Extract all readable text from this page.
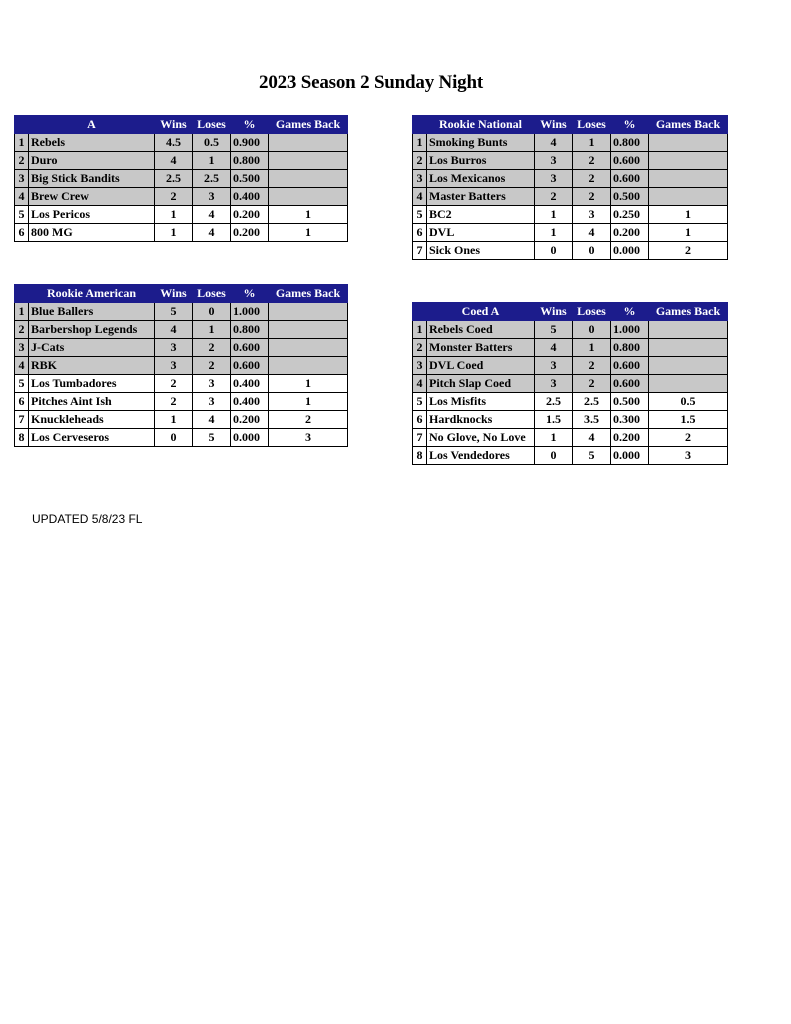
2023 Season 2 Sunday Night
	A	Wins	Loses	%	Games Back
1	Rebels	4.5	0.5	0.900	
2	Duro	4	1	0.800	
3	Big Stick Bandits	2.5	2.5	0.500	
4	Brew Crew	2	3	0.400	
5	Los Pericos	1	4	0.200	1
6	800 MG	1	4	0.200	1
	Rookie National	Wins	Loses	%	Games Back
1	Smoking Bunts	4	1	0.800	
2	Los Burros	3	2	0.600	
3	Los Mexicanos	3	2	0.600	
4	Master Batters	2	2	0.500	
5	BC2	1	3	0.250	1
6	DVL	1	4	0.200	1
7	Sick Ones	0	0	0.000	2
	Rookie American	Wins	Loses	%	Games Back
1	Blue Ballers	5	0	1.000	
2	Barbershop Legends	4	1	0.800	
3	J-Cats	3	2	0.600	
4	RBK	3	2	0.600	
5	Los Tumbadores	2	3	0.400	1
6	Pitches Aint Ish	2	3	0.400	1
7	Knuckleheads	1	4	0.200	2
8	Los Cerveseros	0	5	0.000	3
	Coed A	Wins	Loses	%	Games Back
1	Rebels Coed	5	0	1.000	
2	Monster Batters	4	1	0.800	
3	DVL Coed	3	2	0.600	
4	Pitch Slap Coed	3	2	0.600	
5	Los Misfits	2.5	2.5	0.500	0.5
6	Hardknocks	1.5	3.5	0.300	1.5
7	No Glove, No Love	1	4	0.200	2
8	Los Vendedores	0	5	0.000	3
UPDATED 5/8/23 FL
